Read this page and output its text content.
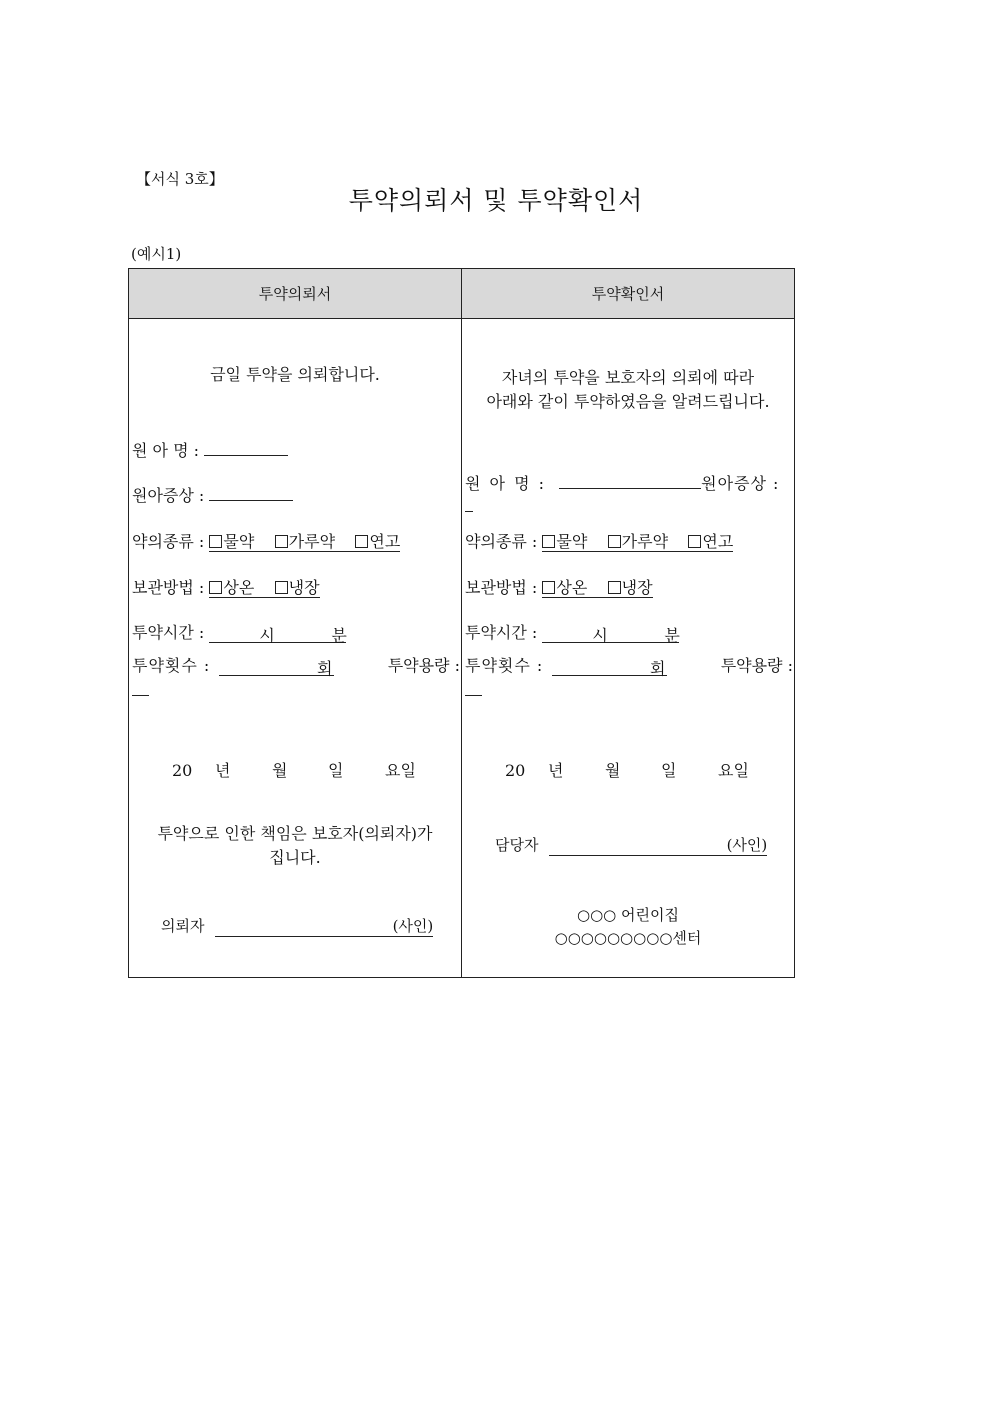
【서식 3호】
투약의뢰서 및 투약확인서
(예시1)
투약의뢰서	투약확인서
금일 투약을 의뢰합니다.
원 아 명 :
원아증상 :
약의종류 : 물약 가루약 연고
보관방법 : 상온 냉장
투약시간 :	시	분
투약횟수 :	회	투약용량 :
20 년	월	일	요일
투약으로 인한 책임은 보호자(의뢰자)가
집니다.
의뢰자	(사인)
자녀의 투약을 보호자의 의뢰에 따라
아래와 같이 투약하였음을 알려드립니다.
원 아 명 :	원아증상 :
약의종류 : 물약 가루약 연고
보관방법 : 상온 냉장
투약시간 :	시	분
투약횟수 :	회	투약용량 :
20 년	월	일	요일
담당자	(사인)
○○○ 어린이집
○○○○○○○○○센터
